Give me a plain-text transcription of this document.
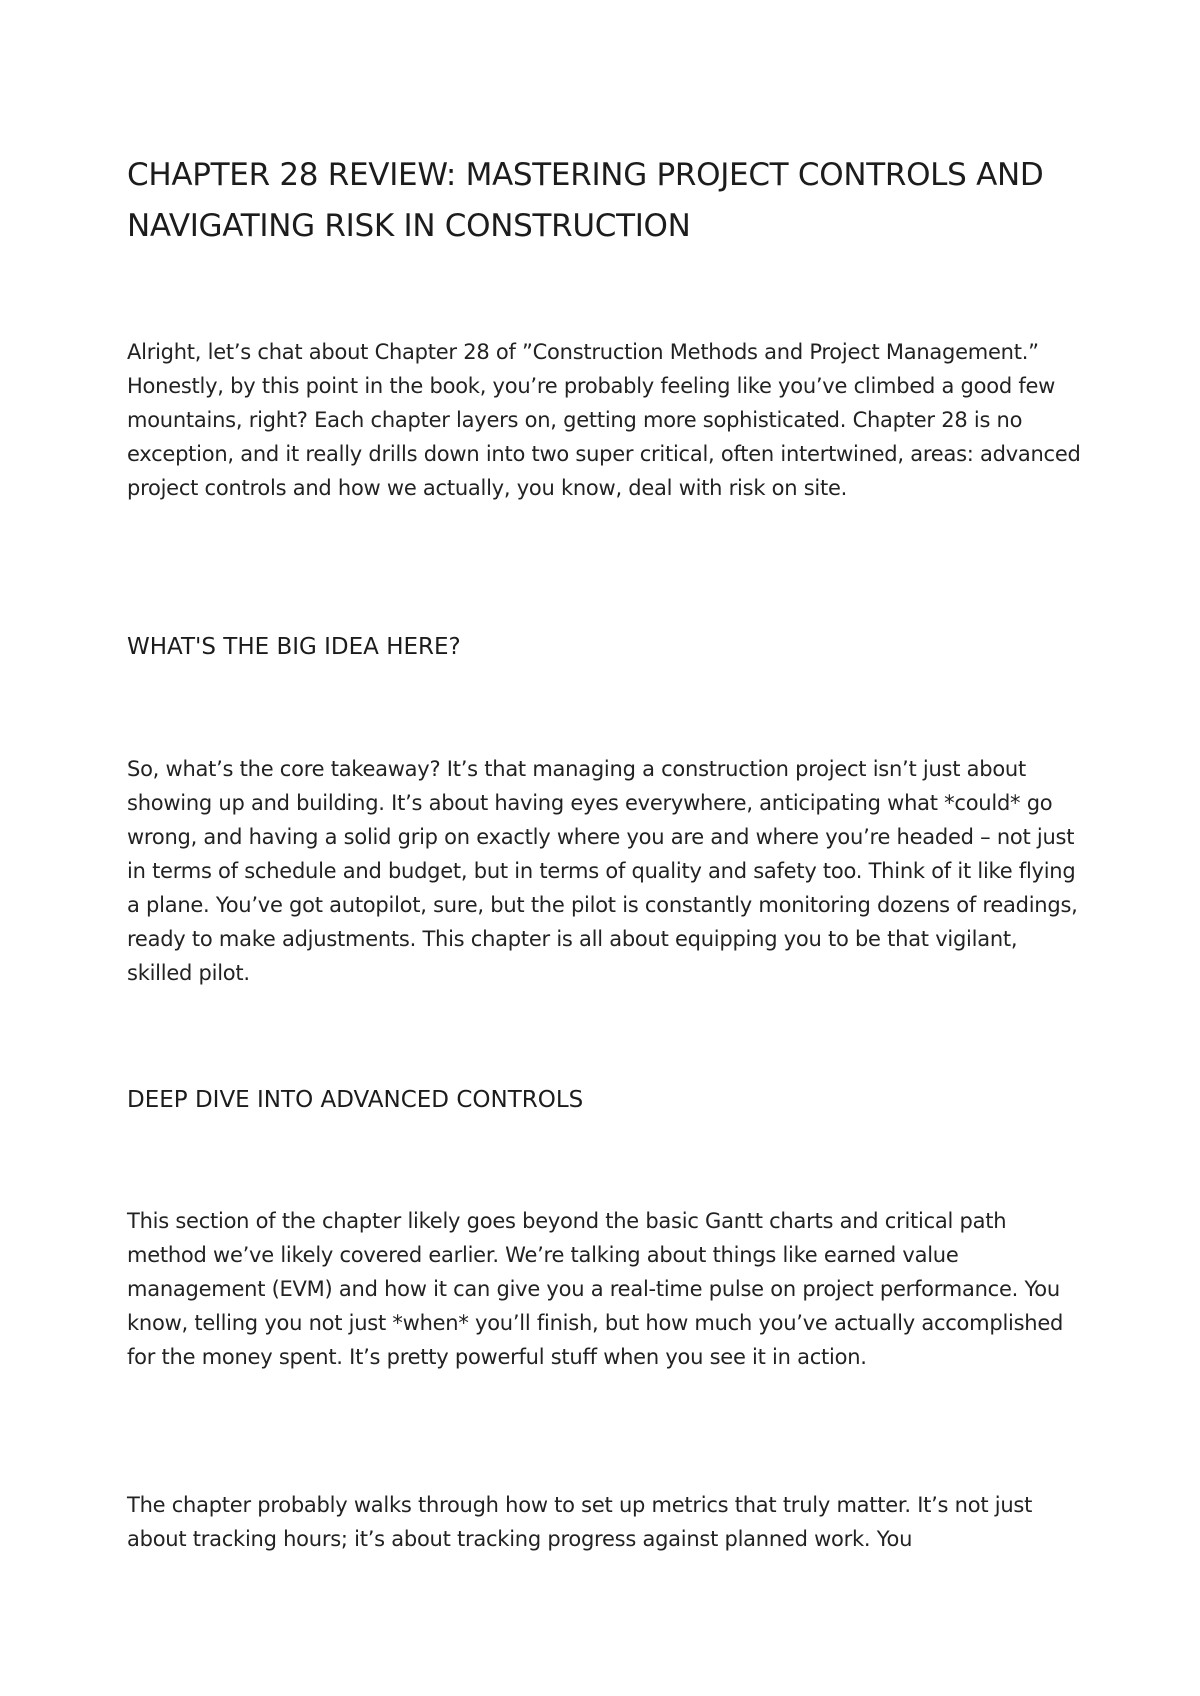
CHAPTER 28 REVIEW: MASTERING PROJECT CONTROLS AND NAVIGATING RISK IN CONSTRUCTION

Alright, let’s chat about Chapter 28 of ”Construction Methods and Project Management.” Honestly, by this point in the book, you’re probably feeling like you’ve climbed a good few mountains, right? Each chapter layers on, getting more sophisticated. Chapter 28 is no exception, and it really drills down into two super critical, often intertwined, areas: advanced project controls and how we actually, you know, deal with risk on site.

WHAT'S THE BIG IDEA HERE?

So, what’s the core takeaway? It’s that managing a construction project isn’t just about showing up and building. It’s about having eyes everywhere, anticipating what *could* go wrong, and having a solid grip on exactly where you are and where you’re headed – not just in terms of schedule and budget, but in terms of quality and safety too. Think of it like flying a plane. You’ve got autopilot, sure, but the pilot is constantly monitoring dozens of readings, ready to make adjustments. This chapter is all about equipping you to be that vigilant, skilled pilot.

DEEP DIVE INTO ADVANCED CONTROLS

This section of the chapter likely goes beyond the basic Gantt charts and critical path method we’ve likely covered earlier. We’re talking about things like earned value management (EVM) and how it can give you a real-time pulse on project performance. You know, telling you not just *when* you’ll finish, but how much you’ve actually accomplished for the money spent. It’s pretty powerful stuff when you see it in action.

The chapter probably walks through how to set up metrics that truly matter. It’s not just about tracking hours; it’s about tracking progress against planned work. You
